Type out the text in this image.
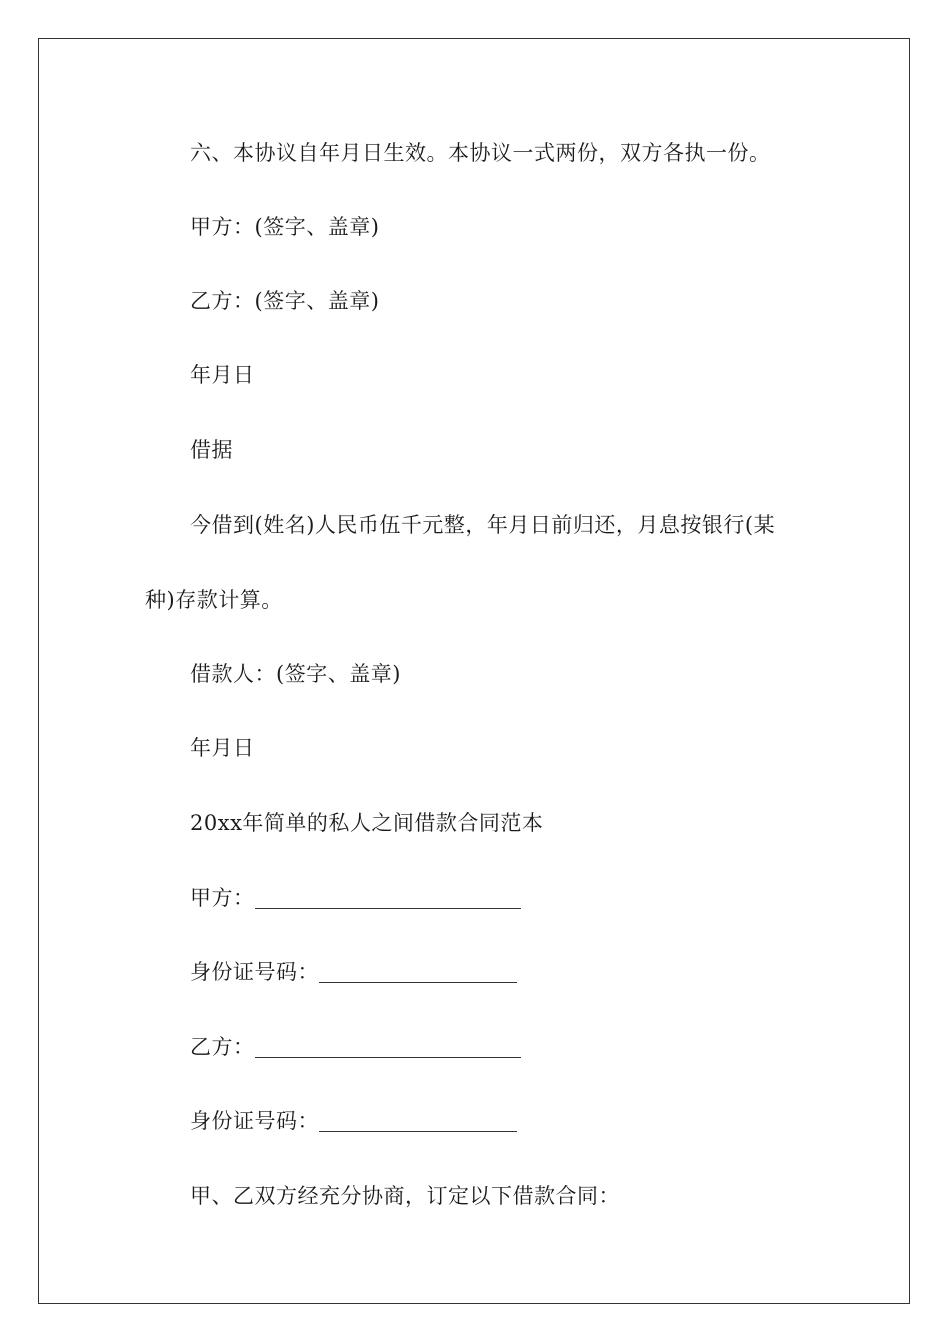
六、本协议自年月日生效。本协议一式两份，双方各执一份。
甲方：(签字、盖章)
乙方：(签字、盖章)
年月日
借据
今借到(姓名)人民币伍千元整，年月日前归还，月息按银行(某
种)存款计算。
借款人：(签字、盖章)
年月日
20xx年简单的私人之间借款合同范本
甲方：
身份证号码：
乙方：
身份证号码：
甲、乙双方经充分协商，订定以下借款合同：
